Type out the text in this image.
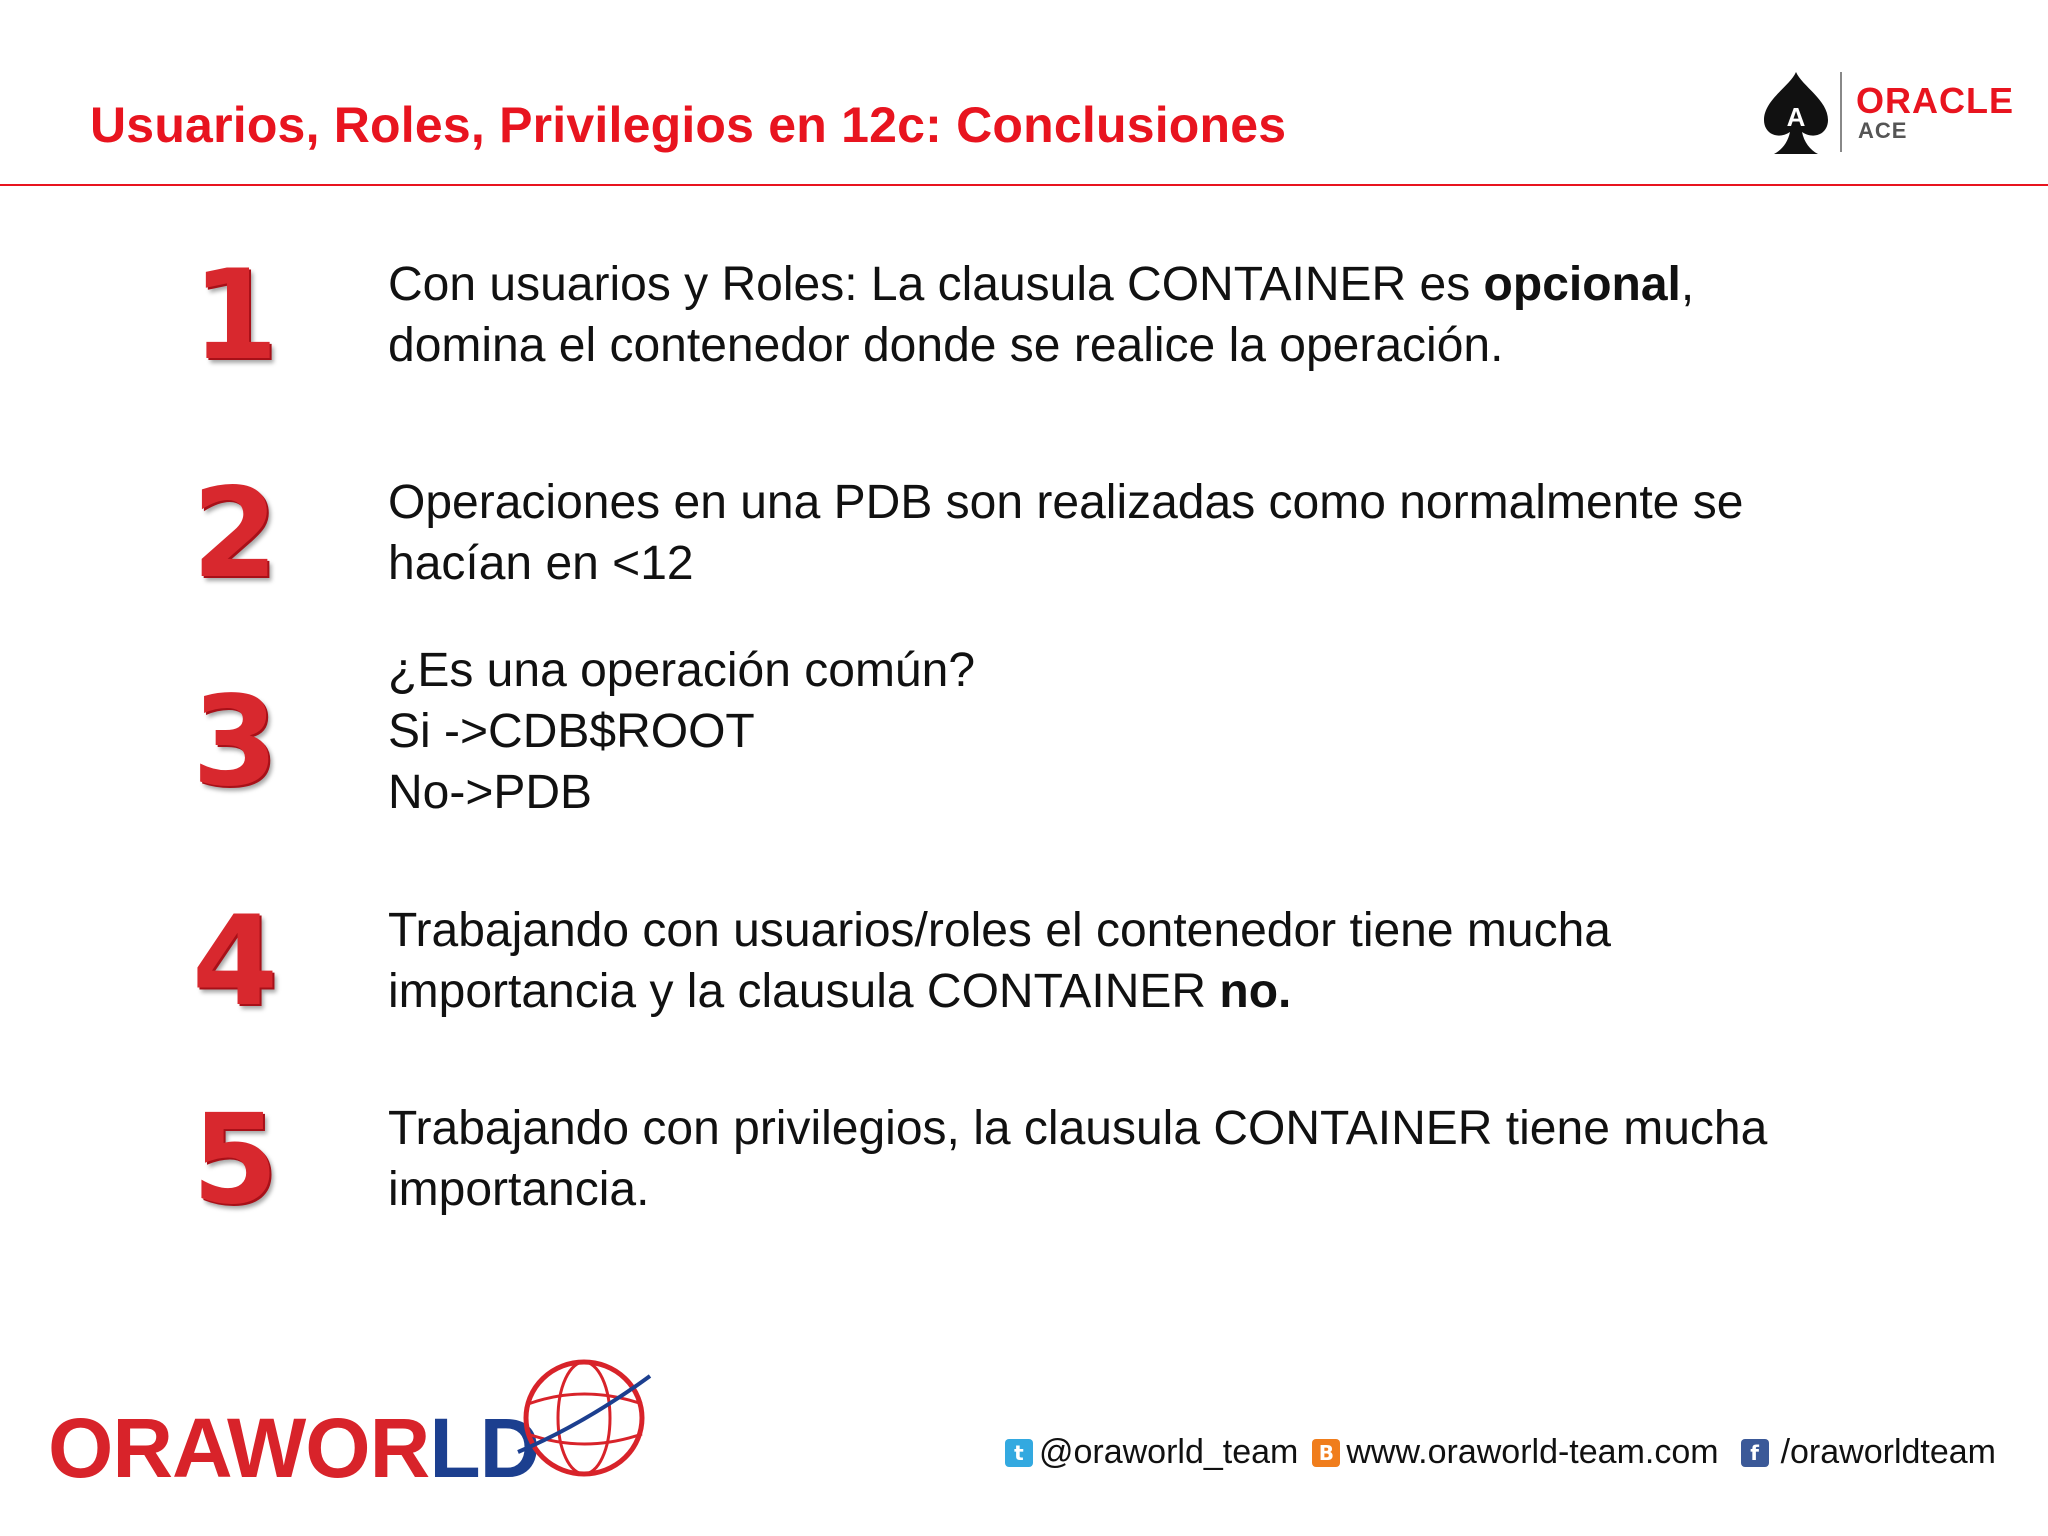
Usuarios, Roles, Privilegios en 12c: Conclusiones	A ORACLE
ACE
1 Con usuarios y Roles: La clausula CONTAINER es opcional,
domina el contenedor donde se realice la operación.
2 Operaciones en una PDB son realizadas como normalmente se
hacían en <12
3 ¿Es una operación común?
Si ->CDB$ROOT
No->PDB
4 Trabajando con usuarios/roles el contenedor tiene mucha
importancia y la clausula CONTAINER no.
5 Trabajando con privilegios, la clausula CONTAINER tiene mucha
importancia.
ORAWORLD	t @oraworld_team	B www.oraworld-team.com	f /oraworldteam
